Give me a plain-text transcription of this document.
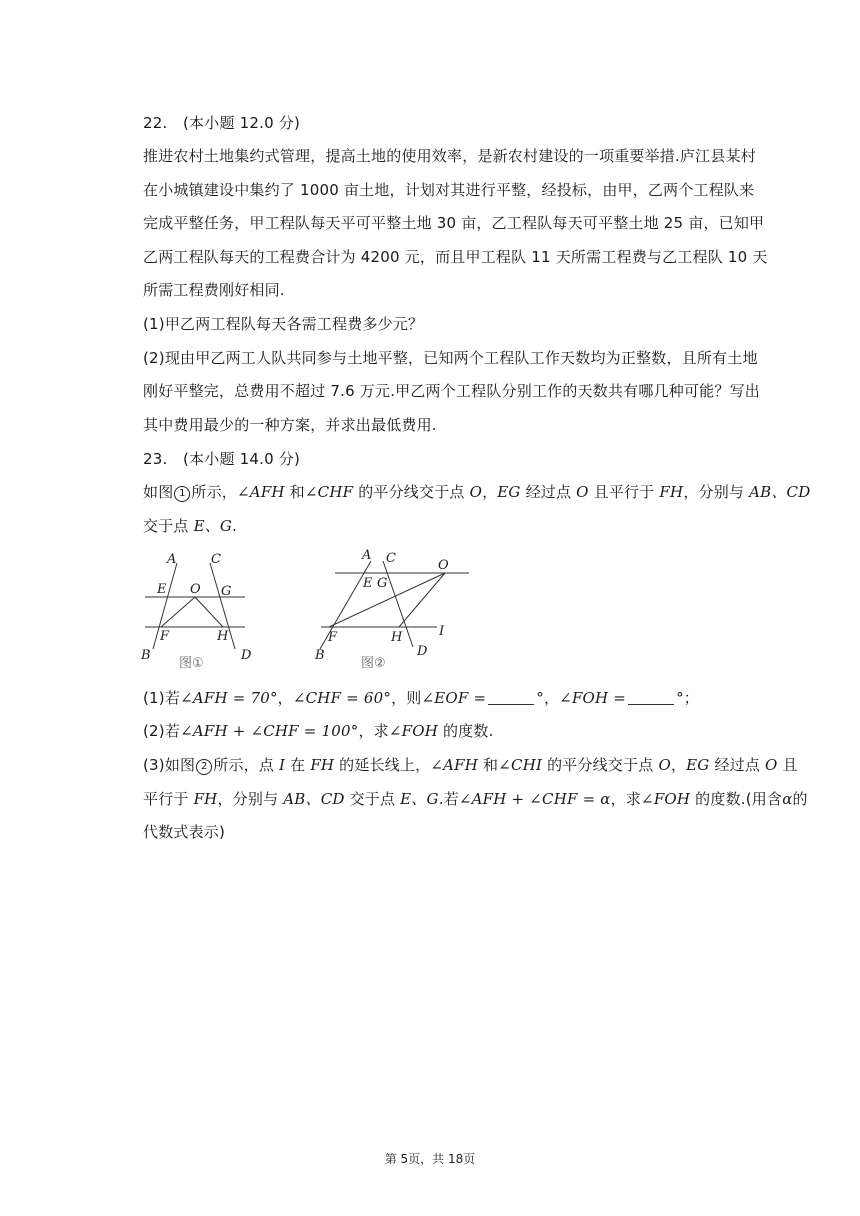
22. (本小题 12.0 分)
推进农村土地集约式管理，提高土地的使用效率，是新农村建设的一项重要举措.庐江县某村
在小城镇建设中集约了 1000 亩土地，计划对其进行平整，经投标，由甲，乙两个工程队来
完成平整任务，甲工程队每天平可平整土地 30 亩，乙工程队每天可平整土地 25 亩，已知甲
乙两工程队每天的工程费合计为 4200 元，而且甲工程队 11 天所需工程费与乙工程队 10 天
所需工程费刚好相同.
(1)甲乙两工程队每天各需工程费多少元？
(2)现由甲乙两工人队共同参与土地平整，已知两个工程队工作天数均为正整数，且所有土地
刚好平整完，总费用不超过 7.6 万元.甲乙两个工程队分别工作的天数共有哪几种可能？写出
其中费用最少的一种方案，并求出最低费用.
23. (本小题 14.0 分)
如图 1 所示，∠AFH 和∠CHF 的平分线交于点 O，EG 经过点 O 且平行于 FH，分别与 AB、CD
交于点 E、G.
A	C
E O G
F	H
B	D
图①
A C
E G
O
F	H	I
B	D
图②
(1)若∠AFH = 70°，∠CHF = 60°，则∠EOF =	°，∠FOH =	°；
(2)若∠AFH + ∠CHF = 100°，求∠FOH 的度数.
(3)如图 2 所示，点 I 在 FH 的延长线上，∠AFH 和∠CHI 的平分线交于点 O，EG 经过点 O 且
平行于 FH，分别与 AB、CD 交于点 E、G.若∠AFH + ∠CHF = α，求∠FOH 的度数.(用含α的
代数式表示)
第 5页，共 18页
